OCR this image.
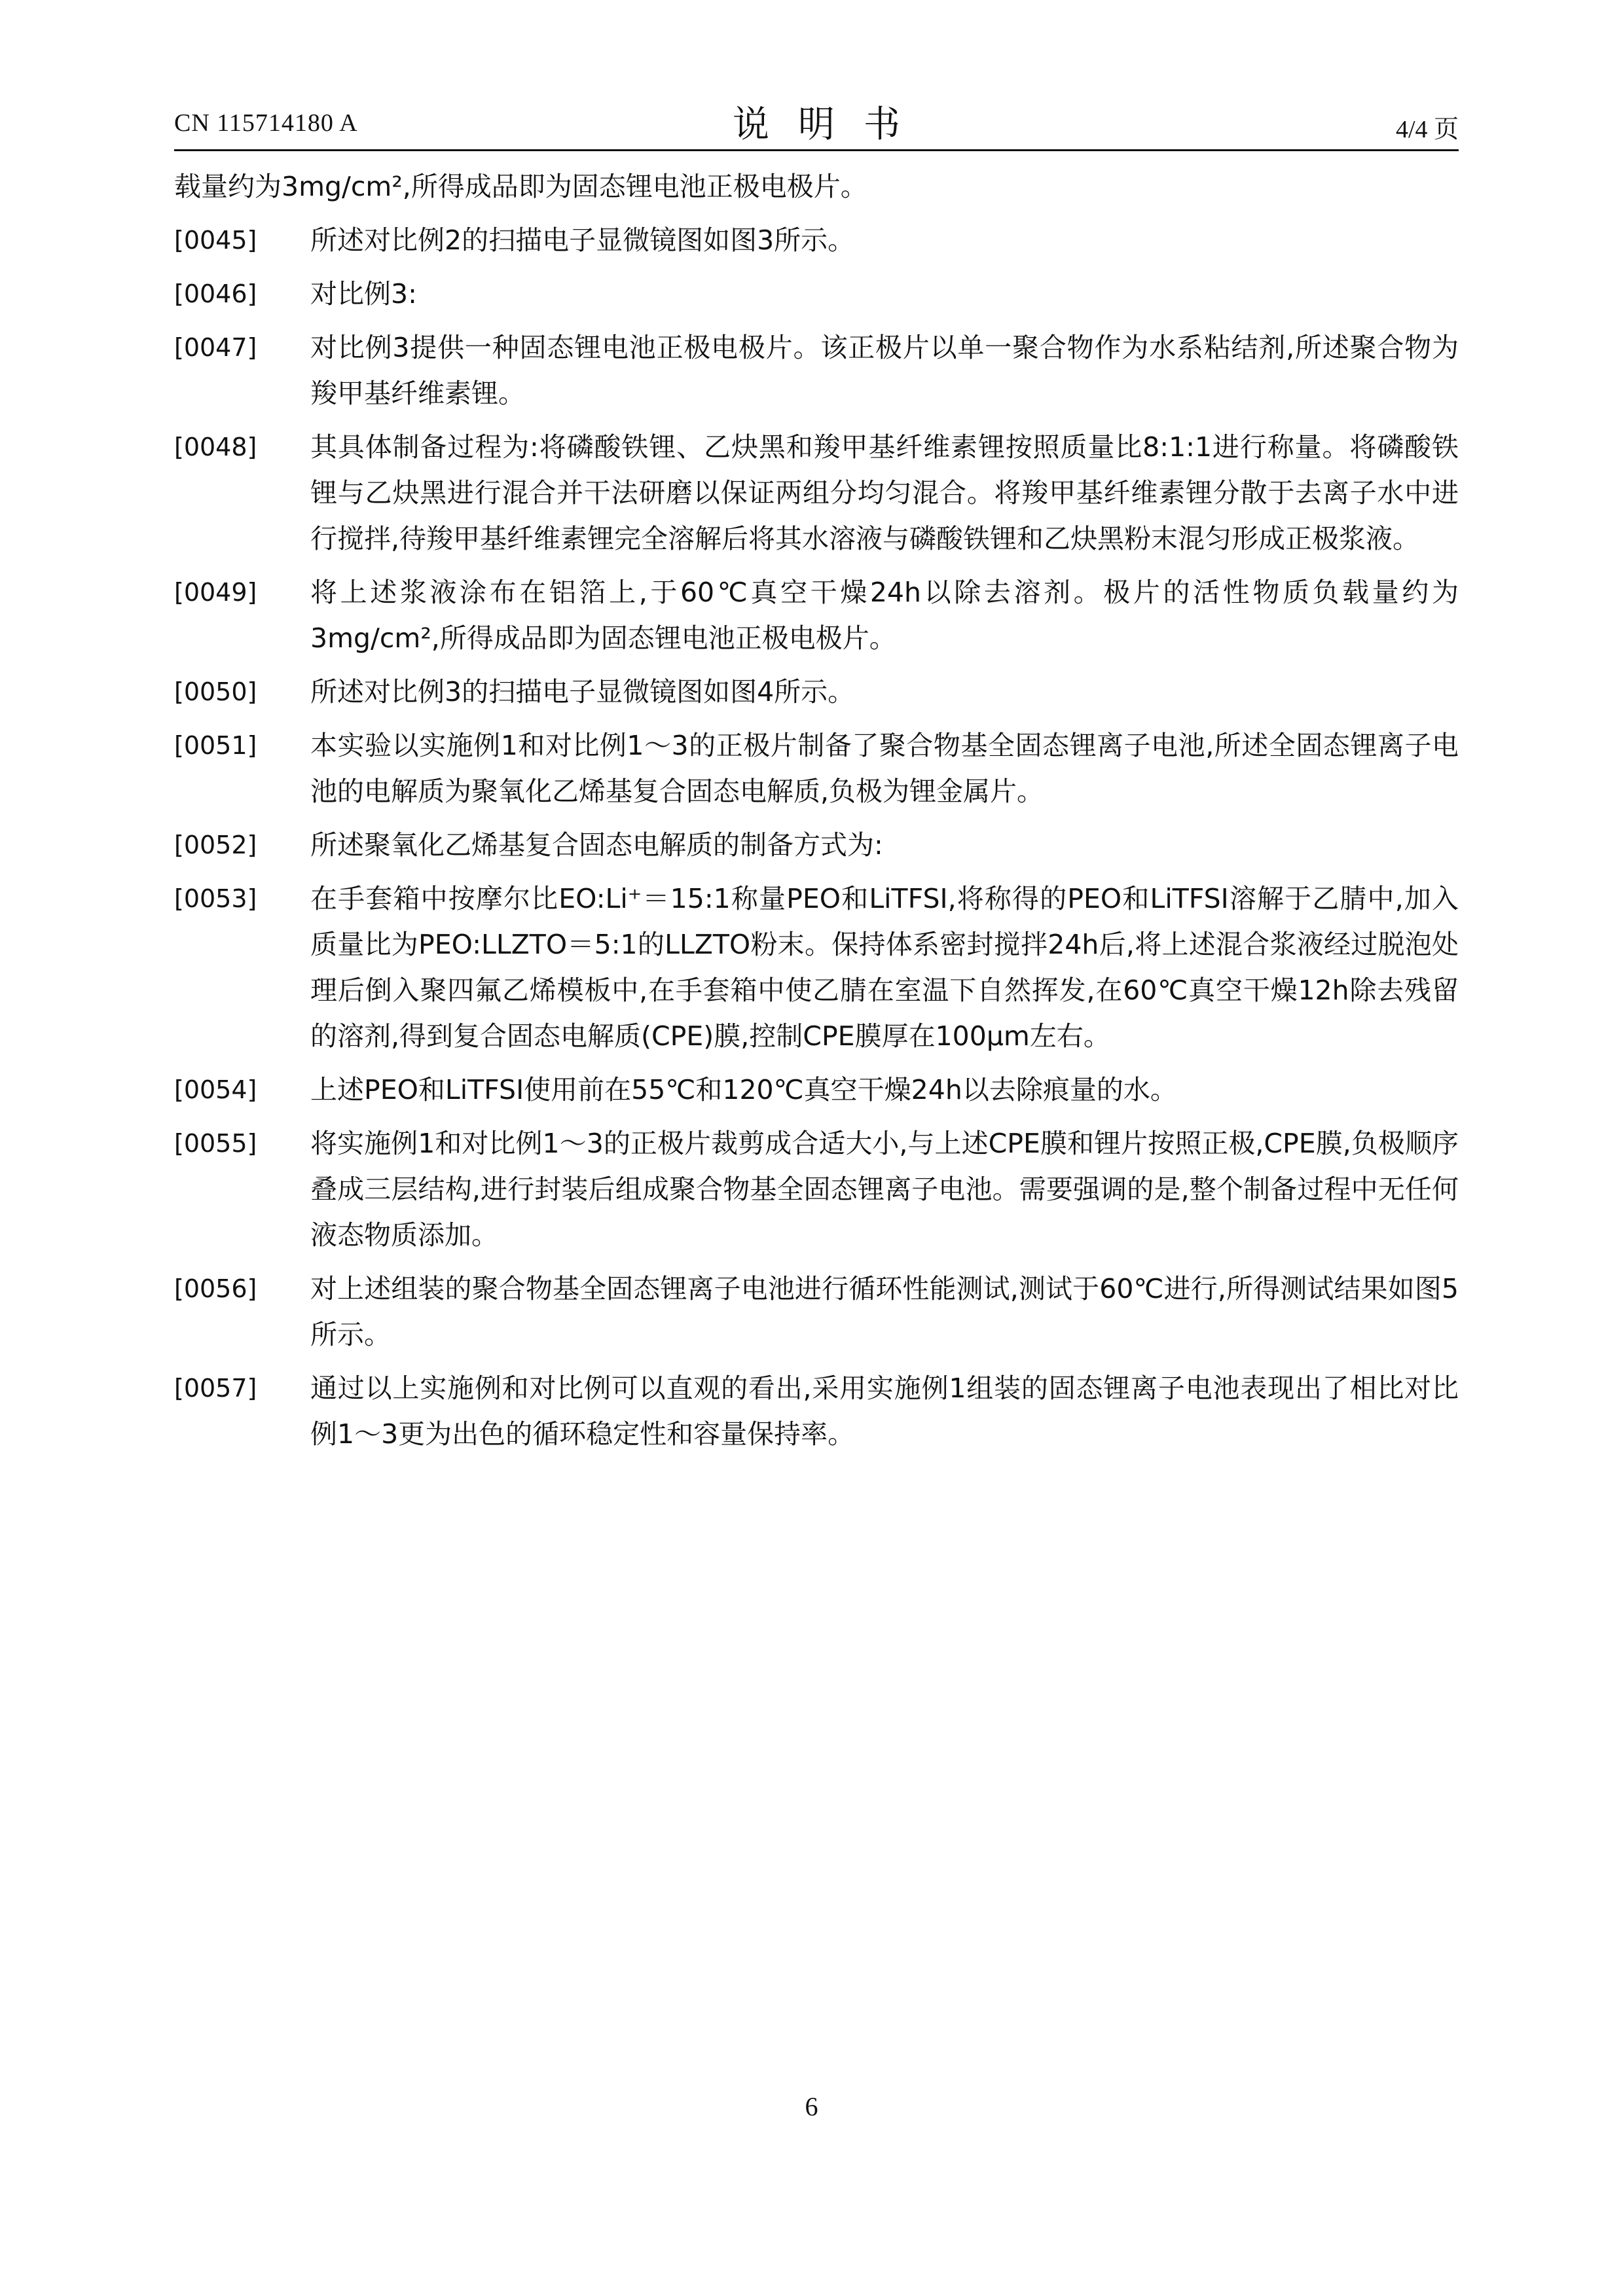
CN 115714180 A	说明书	4/4 页

载量约为3mg/cm²,所得成品即为固态锂电池正极电极片。

[0045] 所述对比例2的扫描电子显微镜图如图3所示。

[0046] 对比例3:

[0047] 对比例3提供一种固态锂电池正极电极片。该正极片以单一聚合物作为水系粘结剂,所述聚合物为羧甲基纤维素锂。

[0048] 其具体制备过程为:将磷酸铁锂、乙炔黑和羧甲基纤维素锂按照质量比8:1:1进行称量。将磷酸铁锂与乙炔黑进行混合并干法研磨以保证两组分均匀混合。将羧甲基纤维素锂分散于去离子水中进行搅拌,待羧甲基纤维素锂完全溶解后将其水溶液与磷酸铁锂和乙炔黑粉末混匀形成正极浆液。

[0049] 将上述浆液涂布在铝箔上,于60℃真空干燥24h以除去溶剂。极片的活性物质负载量约为3mg/cm²,所得成品即为固态锂电池正极电极片。

[0050] 所述对比例3的扫描电子显微镜图如图4所示。

[0051] 本实验以实施例1和对比例1～3的正极片制备了聚合物基全固态锂离子电池,所述全固态锂离子电池的电解质为聚氧化乙烯基复合固态电解质,负极为锂金属片。

[0052] 所述聚氧化乙烯基复合固态电解质的制备方式为:

[0053] 在手套箱中按摩尔比EO:Li⁺＝15:1称量PEO和LiTFSI,将称得的PEO和LiTFSI溶解于乙腈中,加入质量比为PEO:LLZTO＝5:1的LLZTO粉末。保持体系密封搅拌24h后,将上述混合浆液经过脱泡处理后倒入聚四氟乙烯模板中,在手套箱中使乙腈在室温下自然挥发,在60℃真空干燥12h除去残留的溶剂,得到复合固态电解质(CPE)膜,控制CPE膜厚在100μm左右。

[0054] 上述PEO和LiTFSI使用前在55℃和120℃真空干燥24h以去除痕量的水。

[0055] 将实施例1和对比例1～3的正极片裁剪成合适大小,与上述CPE膜和锂片按照正极,CPE膜,负极顺序叠成三层结构,进行封装后组成聚合物基全固态锂离子电池。需要强调的是,整个制备过程中无任何液态物质添加。

[0056] 对上述组装的聚合物基全固态锂离子电池进行循环性能测试,测试于60℃进行,所得测试结果如图5所示。

[0057] 通过以上实施例和对比例可以直观的看出,采用实施例1组装的固态锂离子电池表现出了相比对比例1～3更为出色的循环稳定性和容量保持率。

6
